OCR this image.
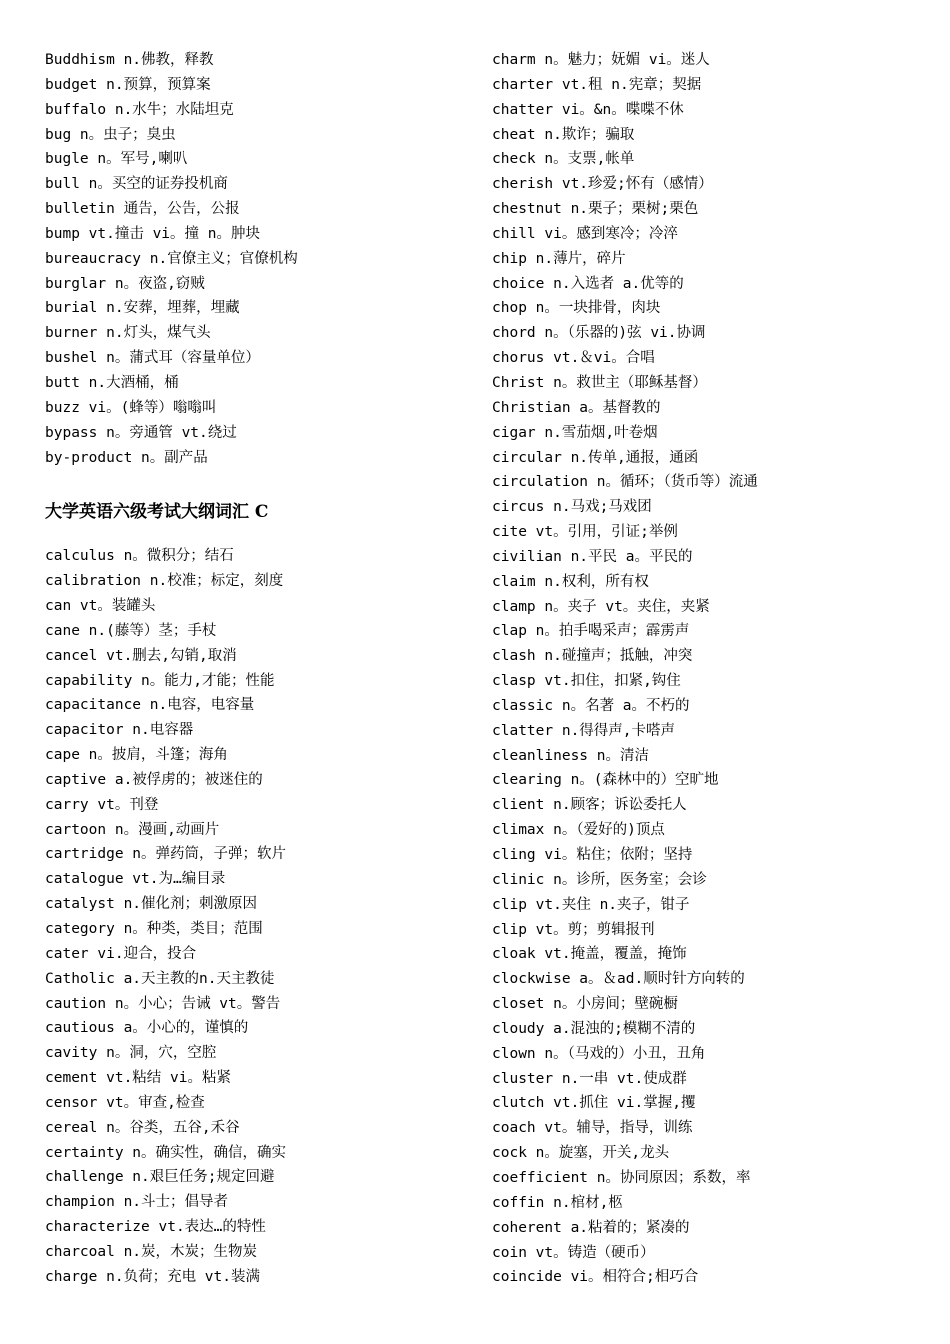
Buddhism n.佛教，释教
budget n.预算，预算案
buffalo n.水牛；水陆坦克
bug n。虫子；臭虫
bugle n。军号,喇叭
bull n。买空的证券投机商
bulletin 通告，公告，公报
bump vt.撞击 vi。撞 n。肿块
bureaucracy n.官僚主义；官僚机构
burglar n。夜盗,窃贼
burial n.安葬，埋葬，埋藏
burner n.灯头，煤气头
bushel n。蒲式耳（容量单位）
butt n.大酒桶，桶
buzz vi。(蜂等）嗡嗡叫
bypass n。旁通管 vt.绕过
by-product n。副产品
大学英语六级考试大纲词汇 C
calculus n。微积分；结石
calibration n.校准；标定，刻度
can vt。装罐头
cane n.(藤等）茎；手杖
cancel vt.删去,勾销,取消
capability n。能力,才能；性能
capacitance n.电容，电容量
capacitor n.电容器
cape n。披肩，斗篷；海角
captive a.被俘虏的；被迷住的
carry vt。刊登
cartoon n。漫画,动画片
cartridge n。弹药筒，子弹；软片
catalogue vt.为…编目录
catalyst n.催化剂；刺激原因
category n。种类，类目；范围
cater vi.迎合，投合
Catholic a.天主教的n.天主教徒
caution n。小心；告诫 vt。警告
cautious a。小心的，谨慎的
cavity n。洞，穴，空腔
cement vt.粘结 vi。粘紧
censor vt。审查,检查
cereal n。谷类，五谷,禾谷
certainty n。确实性，确信，确实
challenge n.艰巨任务;规定回避
champion n.斗士；倡导者
characterize vt.表达…的特性
charcoal n.炭，木炭；生物炭
charge n.负荷；充电 vt.装满
charm n。魅力；妩媚 vi。迷人
charter vt.租 n.宪章；契据
chatter vi。&n。喋喋不休
cheat n.欺诈；骗取
check n。支票,帐单
cherish vt.珍爱;怀有（感情）
chestnut n.栗子；栗树;栗色
chill vi。感到寒冷；冷淬
chip n.薄片，碎片
choice n.入选者 a.优等的
chop n。一块排骨，肉块
chord n。（乐器的)弦 vi.协调
chorus vt.＆vi。合唱
Christ n。救世主（耶稣基督）
Christian a。基督教的
cigar n.雪茄烟,叶卷烟
circular n.传单,通报，通函
circulation n。循环；（货币等）流通
circus n.马戏;马戏团
cite vt。引用，引证;举例
civilian n.平民 a。平民的
claim n.权利，所有权
clamp n。夹子 vt。夹住，夹紧
clap n。拍手喝采声；霹雳声
clash n.碰撞声；抵触，冲突
clasp vt.扣住，扣紧,钩住
classic n。名著 a。不朽的
clatter n.得得声,卡嗒声
cleanliness n。清洁
clearing n。(森林中的）空旷地
client n.顾客；诉讼委托人
climax n。（爱好的)顶点
cling vi。粘住；依附；坚持
clinic n。诊所，医务室；会诊
clip vt.夹住 n.夹子，钳子
clip vt。剪；剪辑报刊
cloak vt.掩盖，覆盖，掩饰
clockwise a。＆ad.顺时针方向转的
closet n。小房间；壁碗橱
cloudy a.混浊的;模糊不清的
clown n。（马戏的）小丑，丑角
cluster n.一串 vt.使成群
clutch vt.抓住 vi.掌握,攫
coach vt。辅导，指导，训练
cock n。旋塞，开关,龙头
coefficient n。协同原因；系数，率
coffin n.棺材,柩
coherent a.粘着的；紧凑的
coin vt。铸造（硬币）
coincide vi。相符合;相巧合
